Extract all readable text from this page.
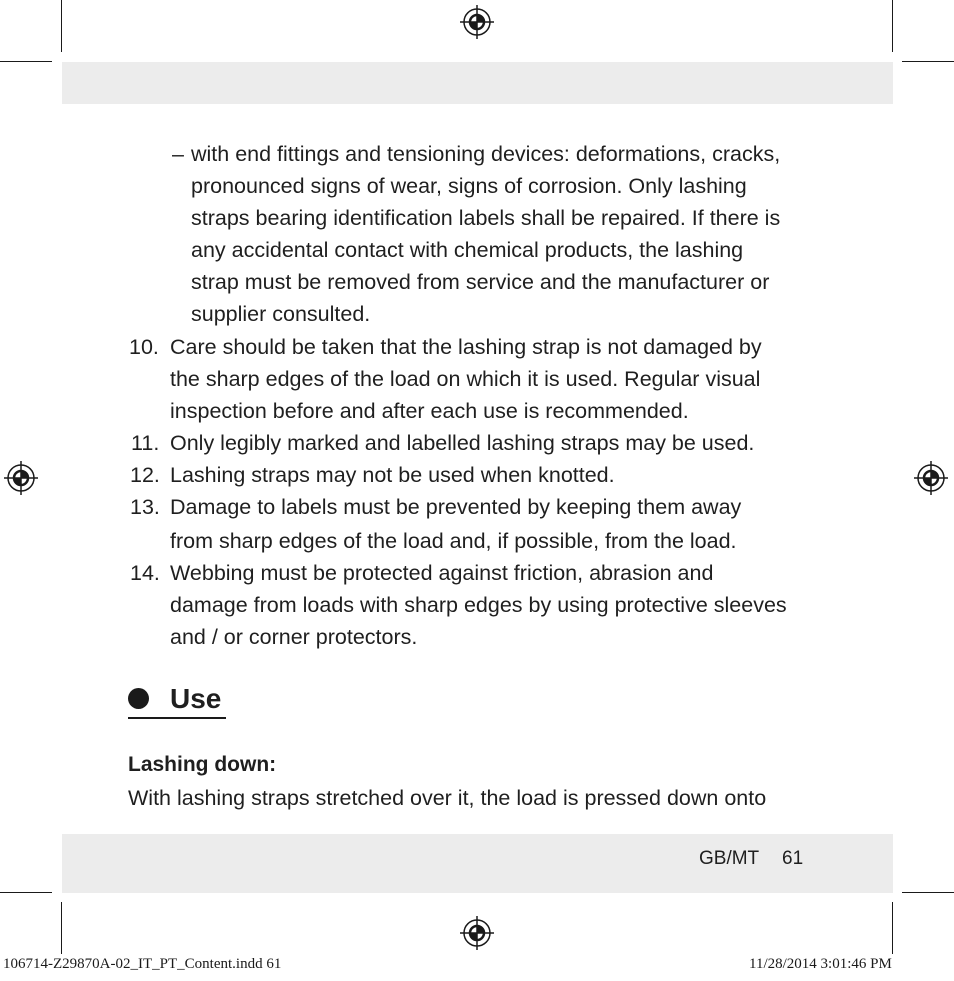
– with end fittings and tensioning devices: deformations, cracks,
pronounced signs of wear, signs of corrosion. Only lashing
straps bearing identification labels shall be repaired. If there is
any accidental contact with chemical products, the lashing
strap must be removed from service and the manufacturer or
supplier consulted.
10. Care should be taken that the lashing strap is not damaged by
the sharp edges of the load on which it is used. Regular visual
inspection before and after each use is recommended.
11. Only legibly marked and labelled lashing straps may be used.
12. Lashing straps may not be used when knotted.
13. Damage to labels must be prevented by keeping them away
from sharp edges of the load and, if possible, from the load.
14. Webbing must be protected against friction, abrasion and
damage from loads with sharp edges by using protective sleeves
and / or corner protectors.
Use
Lashing down:
With lashing straps stretched over it, the load is pressed down onto
GB/MT 61
106714-Z29870A-02_IT_PT_Content.indd 61	11/28/2014 3:01:46 PM
